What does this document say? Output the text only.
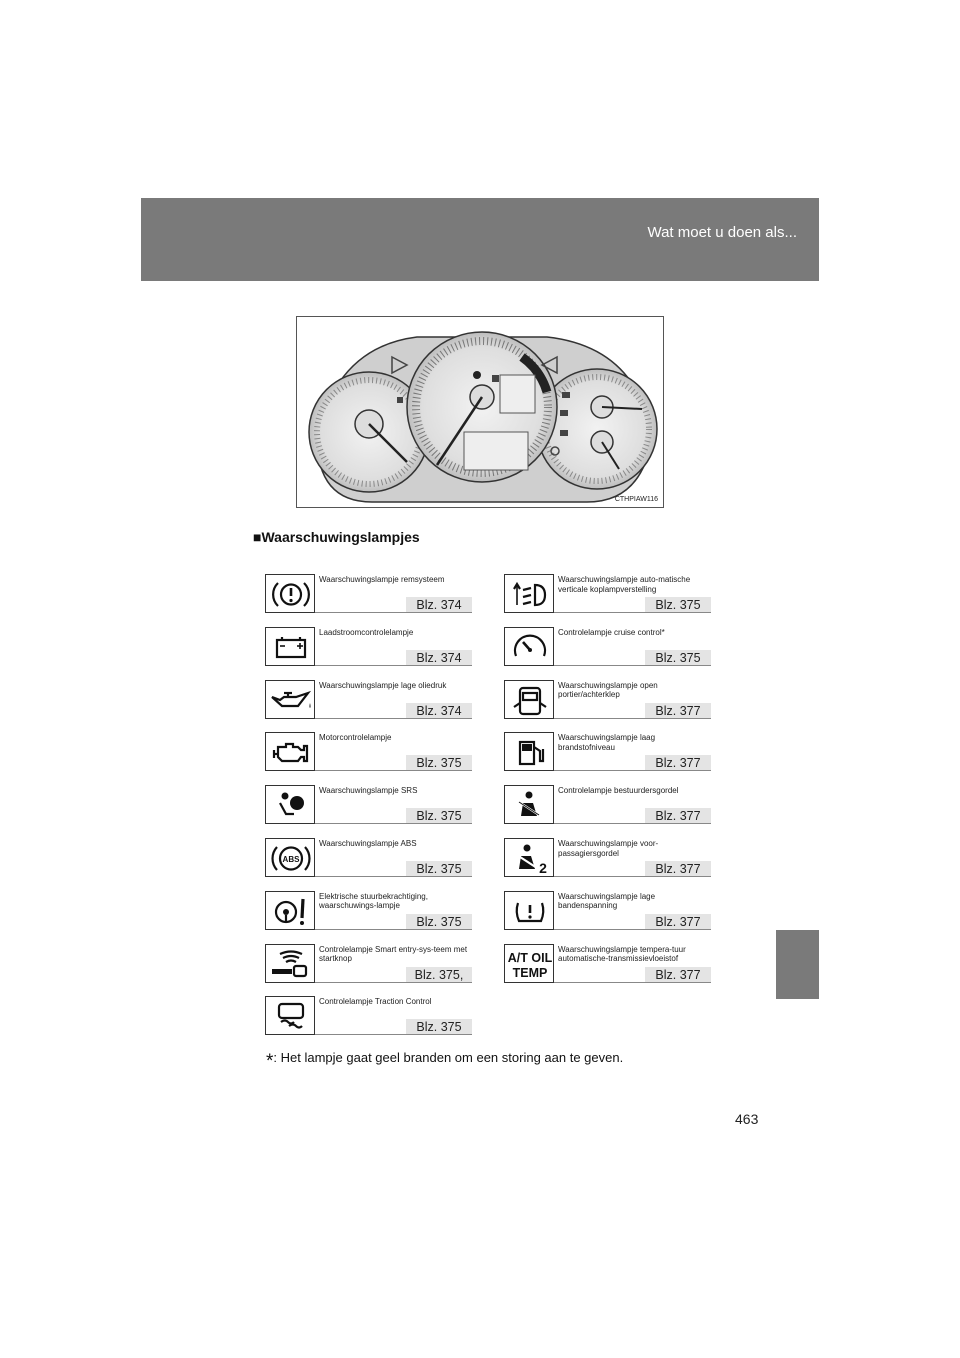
Wat moet u doen als...
CTHPIAW116
■Waarschuwingslampjes
Waarschuwingslampje remsysteem
Blz. 374
Laadstroomcontrolelampje
Blz. 374
Waarschuwingslampje lage oliedruk
Blz. 374
Motorcontrolelampje
Blz. 375
Waarschuwingslampje SRS
Blz. 375
ABS
Waarschuwingslampje ABS
Blz. 375
Elektrische stuurbekrachtiging, waarschuwings-lampje
Blz. 375
Controlelampje Smart entry-sys-teem met startknop
Blz. 375,
Controlelampje Traction Control
Blz. 375
Waarschuwingslampje auto-matische verticale koplampverstelling
Blz. 375
Controlelampje cruise control*
Blz. 375
Waarschuwingslampje open portier/achterklep
Blz. 377
Waarschuwingslampje laag brandstofniveau
Blz. 377
Controlelampje bestuurdersgordel
Blz. 377
2
Waarschuwingslampje voor-passagiersgordel
Blz. 377
Waarschuwingslampje lage bandenspanning
Blz. 377
A/T OIL
TEMP
Waarschuwingslampje tempera-tuur automatische-transmissievloeistof
Blz. 377
*: Het lampje gaat geel branden om een storing aan te geven.
463
